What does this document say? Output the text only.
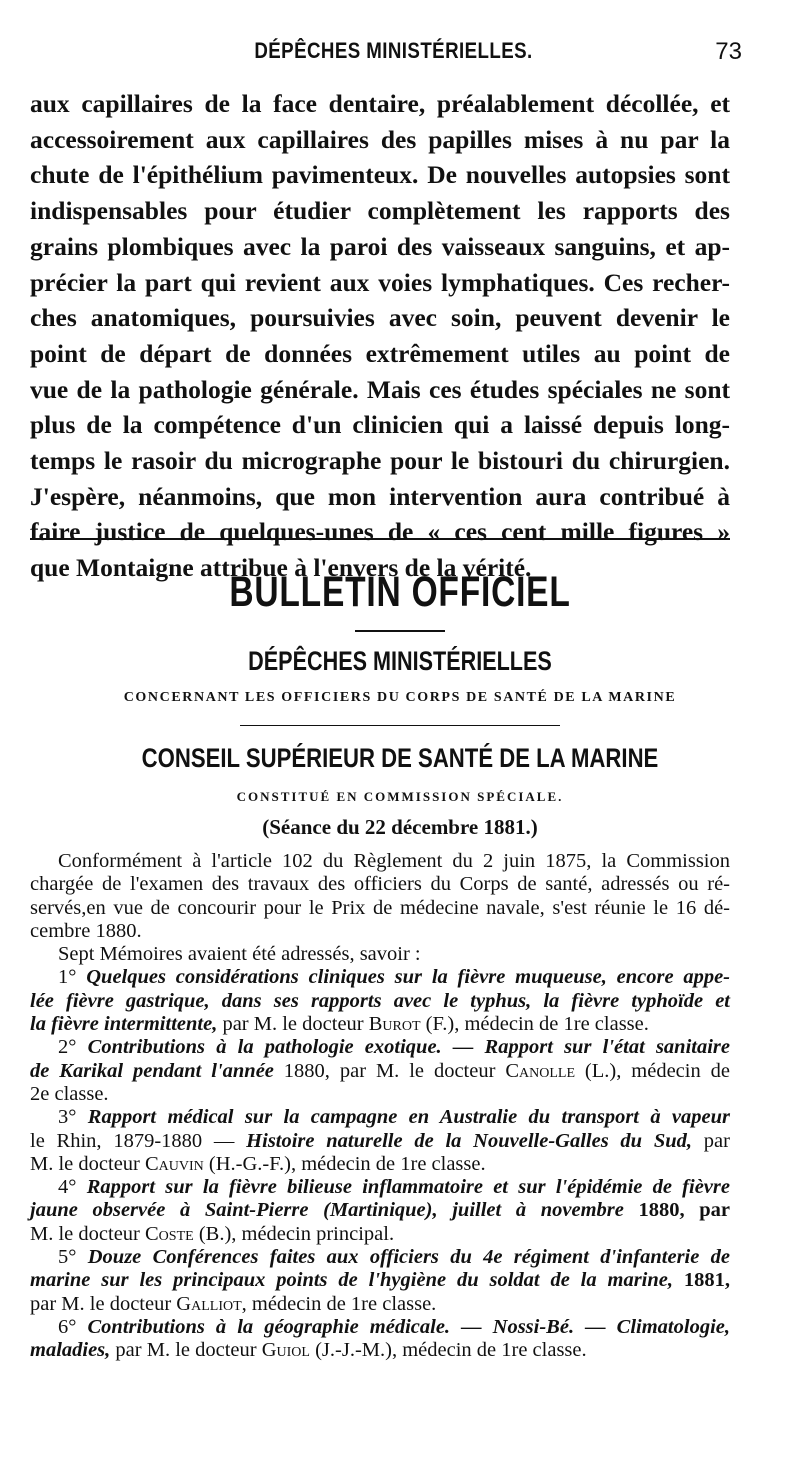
DÉPÊCHES MINISTÉRIELLES.	73
aux capillaires de la face dentaire, préalablement décollée, et
accessoirement aux capillaires des papilles mises à nu par la
chute de l'épithélium pavimenteux. De nouvelles autopsies sont
indispensables pour étudier complètement les rapports des
grains plombiques avec la paroi des vaisseaux sanguins, et ap-
précier la part qui revient aux voies lymphatiques. Ces recher-
ches anatomiques, poursuivies avec soin, peuvent devenir le
point de départ de données extrêmement utiles au point de
vue de la pathologie générale. Mais ces études spéciales ne sont
plus de la compétence d'un clinicien qui a laissé depuis long-
temps le rasoir du micrographe pour le bistouri du chirurgien.
J'espère, néanmoins, que mon intervention aura contribué à
faire justice de quelques-unes de « ces cent mille figures »
que Montaigne attribue à l'envers de la vérité.
BULLETIN OFFICIEL
DÉPÊCHES MINISTÉRIELLES
CONCERNANT LES OFFICIERS DU CORPS DE SANTÉ DE LA MARINE
CONSEIL SUPÉRIEUR DE SANTÉ DE LA MARINE
CONSTITUÉ EN COMMISSION SPÉCIALE.
(Séance du 22 décembre 1881.)
Conformément à l'article 102 du Règlement du 2 juin 1875, la Commission
chargée de l'examen des travaux des officiers du Corps de santé, adressés ou ré-
servés,en vue de concourir pour le Prix de médecine navale, s'est réunie le 16 dé-
cembre 1880.
Sept Mémoires avaient été adressés, savoir :
1° Quelques considérations cliniques sur la fièvre muqueuse, encore appe-
lée fièvre gastrique, dans ses rapports avec le typhus, la fièvre typhoïde et
la fièvre intermittente, par M. le docteur Burot (F.), médecin de 1re classe.
2° Contributions à la pathologie exotique. — Rapport sur l'état sanitaire
de Karikal pendant l'année 1880, par M. le docteur Canolle (L.), médecin de
2e classe.
3° Rapport médical sur la campagne en Australie du transport à vapeur
le Rhin, 1879-1880 — Histoire naturelle de la Nouvelle-Galles du Sud, par
M. le docteur Cauvin (H.-G.-F.), médecin de 1re classe.
4° Rapport sur la fièvre bilieuse inflammatoire et sur l'épidémie de fièvre
jaune observée à Saint-Pierre (Martinique), juillet à novembre 1880, par
M. le docteur Coste (B.), médecin principal.
5° Douze Conférences faites aux officiers du 4e régiment d'infanterie de
marine sur les principaux points de l'hygiène du soldat de la marine, 1881,
par M. le docteur Galliot, médecin de 1re classe.
6° Contributions à la géographie médicale. — Nossi-Bé. — Climatologie,
maladies, par M. le docteur Guiol (J.-J.-M.), médecin de 1re classe.
